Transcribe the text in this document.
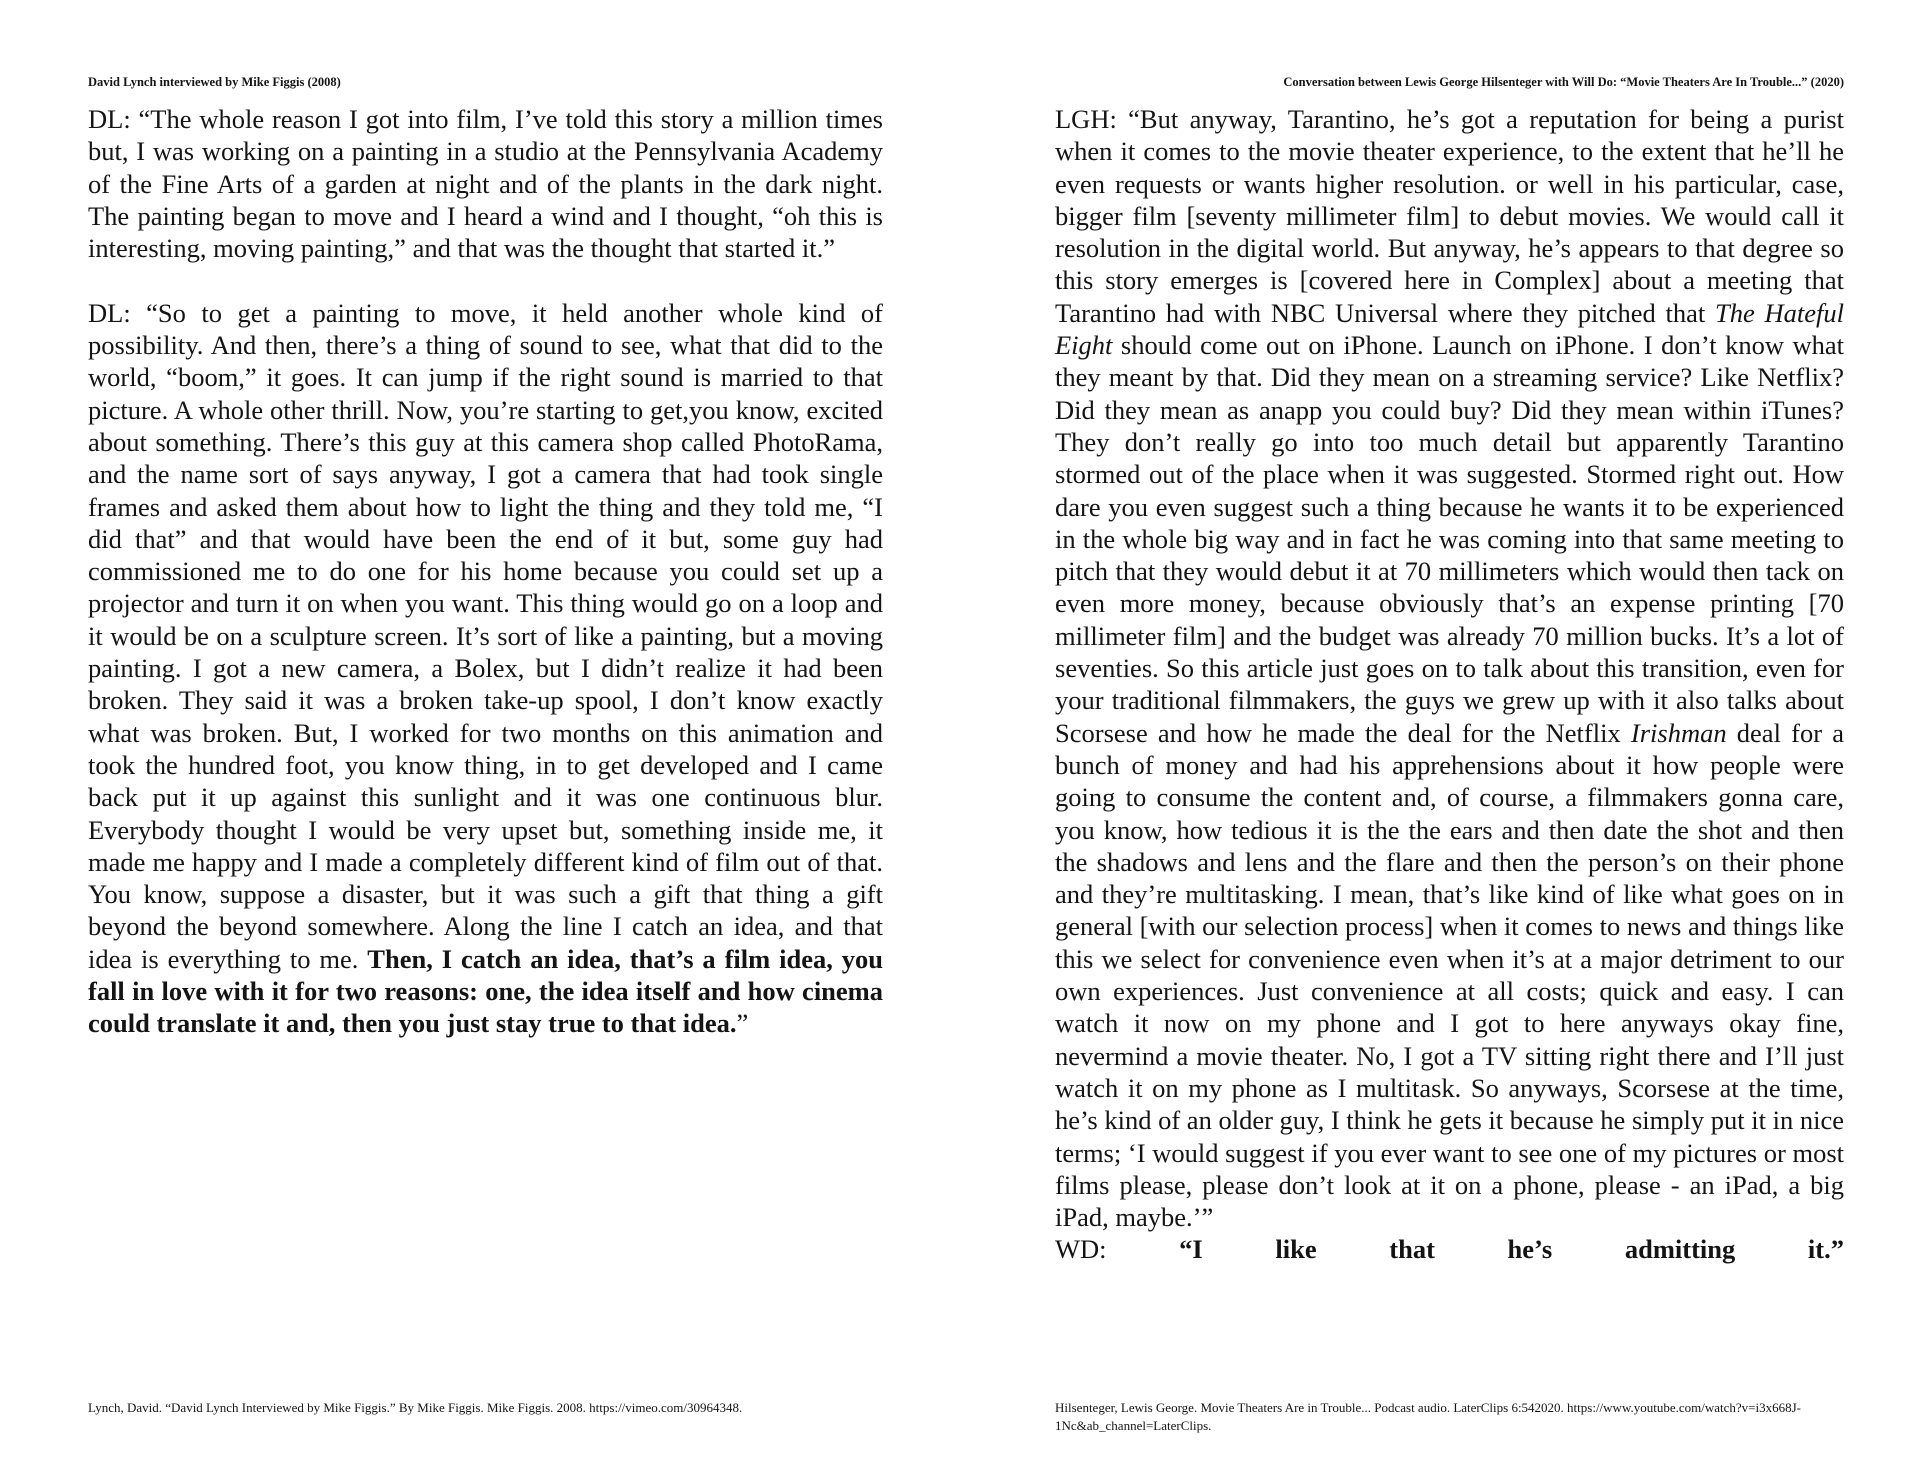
David Lynch interviewed by Mike Figgis (2008)

DL: “The whole reason I got into film, I’ve told this story a million times but, I was working on a painting in a studio at the Pennsylvania Academy of the Fine Arts of a garden at night and of the plants in the dark night. The painting began to move and I heard a wind and I thought, “oh this is interesting, moving painting,” and that was the thought that started it.”

DL: “So to get a painting to move, it held another whole kind of possibility. And then, there’s a thing of sound to see, what that did to the world, “boom,” it goes. It can jump if the right sound is married to that picture. A whole other thrill. Now, you’re starting to get,you know, excited about something. There’s this guy at this camera shop called PhotoRama, and the name sort of says anyway, I got a camera that had took single frames and asked them about how to light the thing and they told me, “I did that” and that would have been the end of it but, some guy had commissioned me to do one for his home because you could set up a projector and turn it on when you want. This thing would go on a loop and it would be on a sculpture screen. It’s sort of like a painting, but a moving painting. I got a new camera, a Bolex, but I didn’t realize it had been broken. They said it was a broken take-up spool, I don’t know exactly what was broken. But, I worked for two months on this animation and took the hundred foot, you know thing, in to get developed and I came back put it up against this sunlight and it was one continuous blur. Everybody thought I would be very upset but, something inside me, it made me happy and I made a completely different kind of film out of that. You know, suppose a disaster, but it was such a gift that thing a gift beyond the beyond somewhere. Along the line I catch an idea, and that idea is everything to me. Then, I catch an idea, that’s a film idea, you fall in love with it for two reasons: one, the idea itself and how cinema could translate it and, then you just stay true to that idea.”

Lynch, David. “David Lynch Interviewed by Mike Figgis.” By Mike Figgis. Mike Figgis. 2008. https://vimeo.com/30964348.
Conversation between Lewis George Hilsenteger with Will Do: “Movie Theaters Are In Trouble...” (2020)

LGH: “But anyway, Tarantino, he’s got a reputation for being a purist when it comes to the movie theater experience, to the extent that he’ll he even requests or wants higher resolution. or well in his particular, case, bigger film [seventy millimeter film] to debut movies. We would call it resolution in the digital world. But anyway, he’s appears to that degree so this story emerges is [covered here in Complex] about a meeting that Tarantino had with NBC Universal where they pitched that The Hateful Eight should come out on iPhone. Launch on iPhone. I don’t know what they meant by that. Did they mean on a streaming service? Like Netflix? Did they mean as anapp you could buy? Did they mean within iTunes? They don’t really go into too much detail but apparently Tarantino stormed out of the place when it was suggested. Stormed right out. How dare you even suggest such a thing because he wants it to be experienced in the whole big way and in fact he was coming into that same meeting to pitch that they would debut it at 70 millimeters which would then tack on even more money, because obviously that’s an expense printing [70 millimeter film] and the budget was already 70 million bucks. It’s a lot of seventies. So this article just goes on to talk about this transition, even for your traditional filmmakers, the guys we grew up with it also talks about Scorsese and how he made the deal for the Netflix Irishman deal for a bunch of money and had his apprehensions about it how people were going to consume the content and, of course, a filmmakers gonna care, you know, how tedious it is the the ears and then date the shot and then the shadows and lens and the flare and then the person’s on their phone and they’re multitasking. I mean, that’s like kind of like what goes on in general [with our selection process] when it comes to news and things like this we select for convenience even when it’s at a major detriment to our own experiences. Just convenience at all costs; quick and easy. I can watch it now on my phone and I got to here anyways okay fine, nevermind a movie theater. No, I got a TV sitting right there and I’ll just watch it on my phone as I multitask. So anyways, Scorsese at the time, he’s kind of an older guy, I think he gets it because he simply put it in nice terms; ‘I would suggest if you ever want to see one of my pictures or most films please, please don’t look at it on a phone, please - an iPad, a big iPad, maybe.’”

WD:	“I	like	that	he’s	admitting	it.”

Hilsenteger, Lewis George. Movie Theaters Are in Trouble... Podcast audio. LaterClips 6:542020. https://www.youtube.com/watch?v=i3x668J-1Nc&ab_channel=LaterClips.
